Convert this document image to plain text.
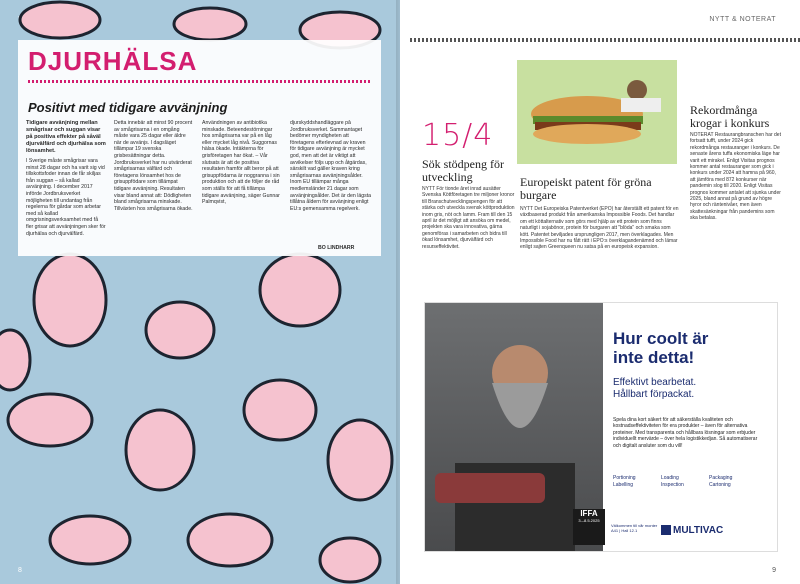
DJURHÄLSA
Positivt med tidigare avvänjning
Tidigare avvänjning mellan smågrisar och suggan visar på positiva effekter på såväl djurvälfärd och djurhälsa som lönsamhet.
I Sverige måste smågrisar vara minst 28 dagar och ha varit sig vid tillskottsfoder innan de får skiljas från suggan – så kallad avvänjning. I december 2017 införde Jordbruksverket möjligheten till undantag från regelerna för gårdar som arbetar med så kallad omgrisningsverksamhet med få fler grisar att avvänjningen sker för djurhälsa och djurvälfärd.
Detta innebär att minst 90 procent av smågrisarna i en omgång måste vara 25 dagar eller äldre när de avvänjs. I dagsläget tillämpar 19 svenska grisbesättningar detta. Jordbruksverket har nu utvärderat smågrisarnas välfärd och företagens lönsamhet hos de grisuppfödare som tillämpat tidigare avvänjning. Resultaten visar bland annat att: Dödligheten bland smågrisarna minskade. Tillväxten hos smågrisarna ökade.
Användningen av antibiotika minskade. Beteendestörningar hos smågrisarna var på en låg eller mycket låg nivå. Suggornas hälsa ökade. Intäkterna för grisföretagen har ökat. – Vår slutsats är att de positiva resultaten framför allt beror på att grisuppfödarna är noggranna i sin produktion och att de följer de råd som ställs för att få tillämpa tidigare avvänjning, säger Gunnar Palmqvist,
djurskyddshandläggare på Jordbruksverket. Sammantaget bedömer myndigheten att företagens efterlevnad av kraven för tidigare avvänjning är mycket god, men att det är viktigt att avvikelser följs upp och åtgärdas, särskilt vad gäller kraven kring smågrisarnas avvänjningsålder. Inom EU tillämpar många medlemsländer 21 dagar som avvänjningsålder. Det är den lägsta tillåtna åldern för avvänjning enligt EU:s gemensamma regelverk.
BO LINDHARR
8
NYTT & NOTERAT
15/4
Sök stödpeng för utveckling
NYTT För tionde året inrad ausätter Svenska Köttföretagen tre miljoner kronor till Branschutvecklingspengen för att stärka och utveckla svensk köttproduktion inom gris, nöt och lamm. Fram till den 15 april är det möjligt att ansöka om medel, projekten ska vara innovativa, gärna genomföras i samarbeten och bidra till ökad lönsamhet, djurvälfärd och resurseffektivitet.
Europeiskt patent för gröna burgare
NYTT Det Europeiska Patentverket (EPO) har återställt ett patent för en växtbaserad produkt från amerikanska Impossible Foods. Det handlar om ett köttalternativ som görs med hjälp av ett protein som finns naturligt i sojabönor, protein för burgaren att "blöda" och smaka som kött. Patentet beviljades ursprungligen 2017, men överklagades. Men Impossible Food har nu fått rätt i EPO:s överklagandenämnd och lämar enligt sajten Greenqueen nu satsa på en europeisk expansion.
Rekordmånga krogar i konkurs
NOTERAT Restaurangbranschen har det fortsatt tufft, under 2024 gick rekordmånga restauranger i konkurs. De senaste årens tuffa ekonomiska läge har varit ett mirakel. Enligt Visitas prognos kommer antal restauranger som gick i konkurs under 2024 att hamna på 960, att jämföra med 872 konkurser när pandemin slog till 2020. Enligt Visitas prognos kommer antalet att sjunka under 2025, bland annat på grund av högre hyror och räntenivåer, men även skattesänkningar från pandemins som ska betalas.
Hur coolt är
inte detta!
Effektivt bearbetat.
Hållbart förpackat.
Spela dina kort säkert för att säkerställa kvaliteten och kostnadseffektiviteten för era produkter – även för alternativa proteiner. Med transparenta och hållbara lösningar som erbjuder individuellt mervärde – över hela logistikkedjan. Så automatiserar och digitalt ansluter som du vill!
Portioning	Loading	Packaging Labelling	Inspection	Cartoning
IFFA
3.–8.5.2025
Välkommen till vår monter A41 | Hall 12.1	MULTIVAC
9
